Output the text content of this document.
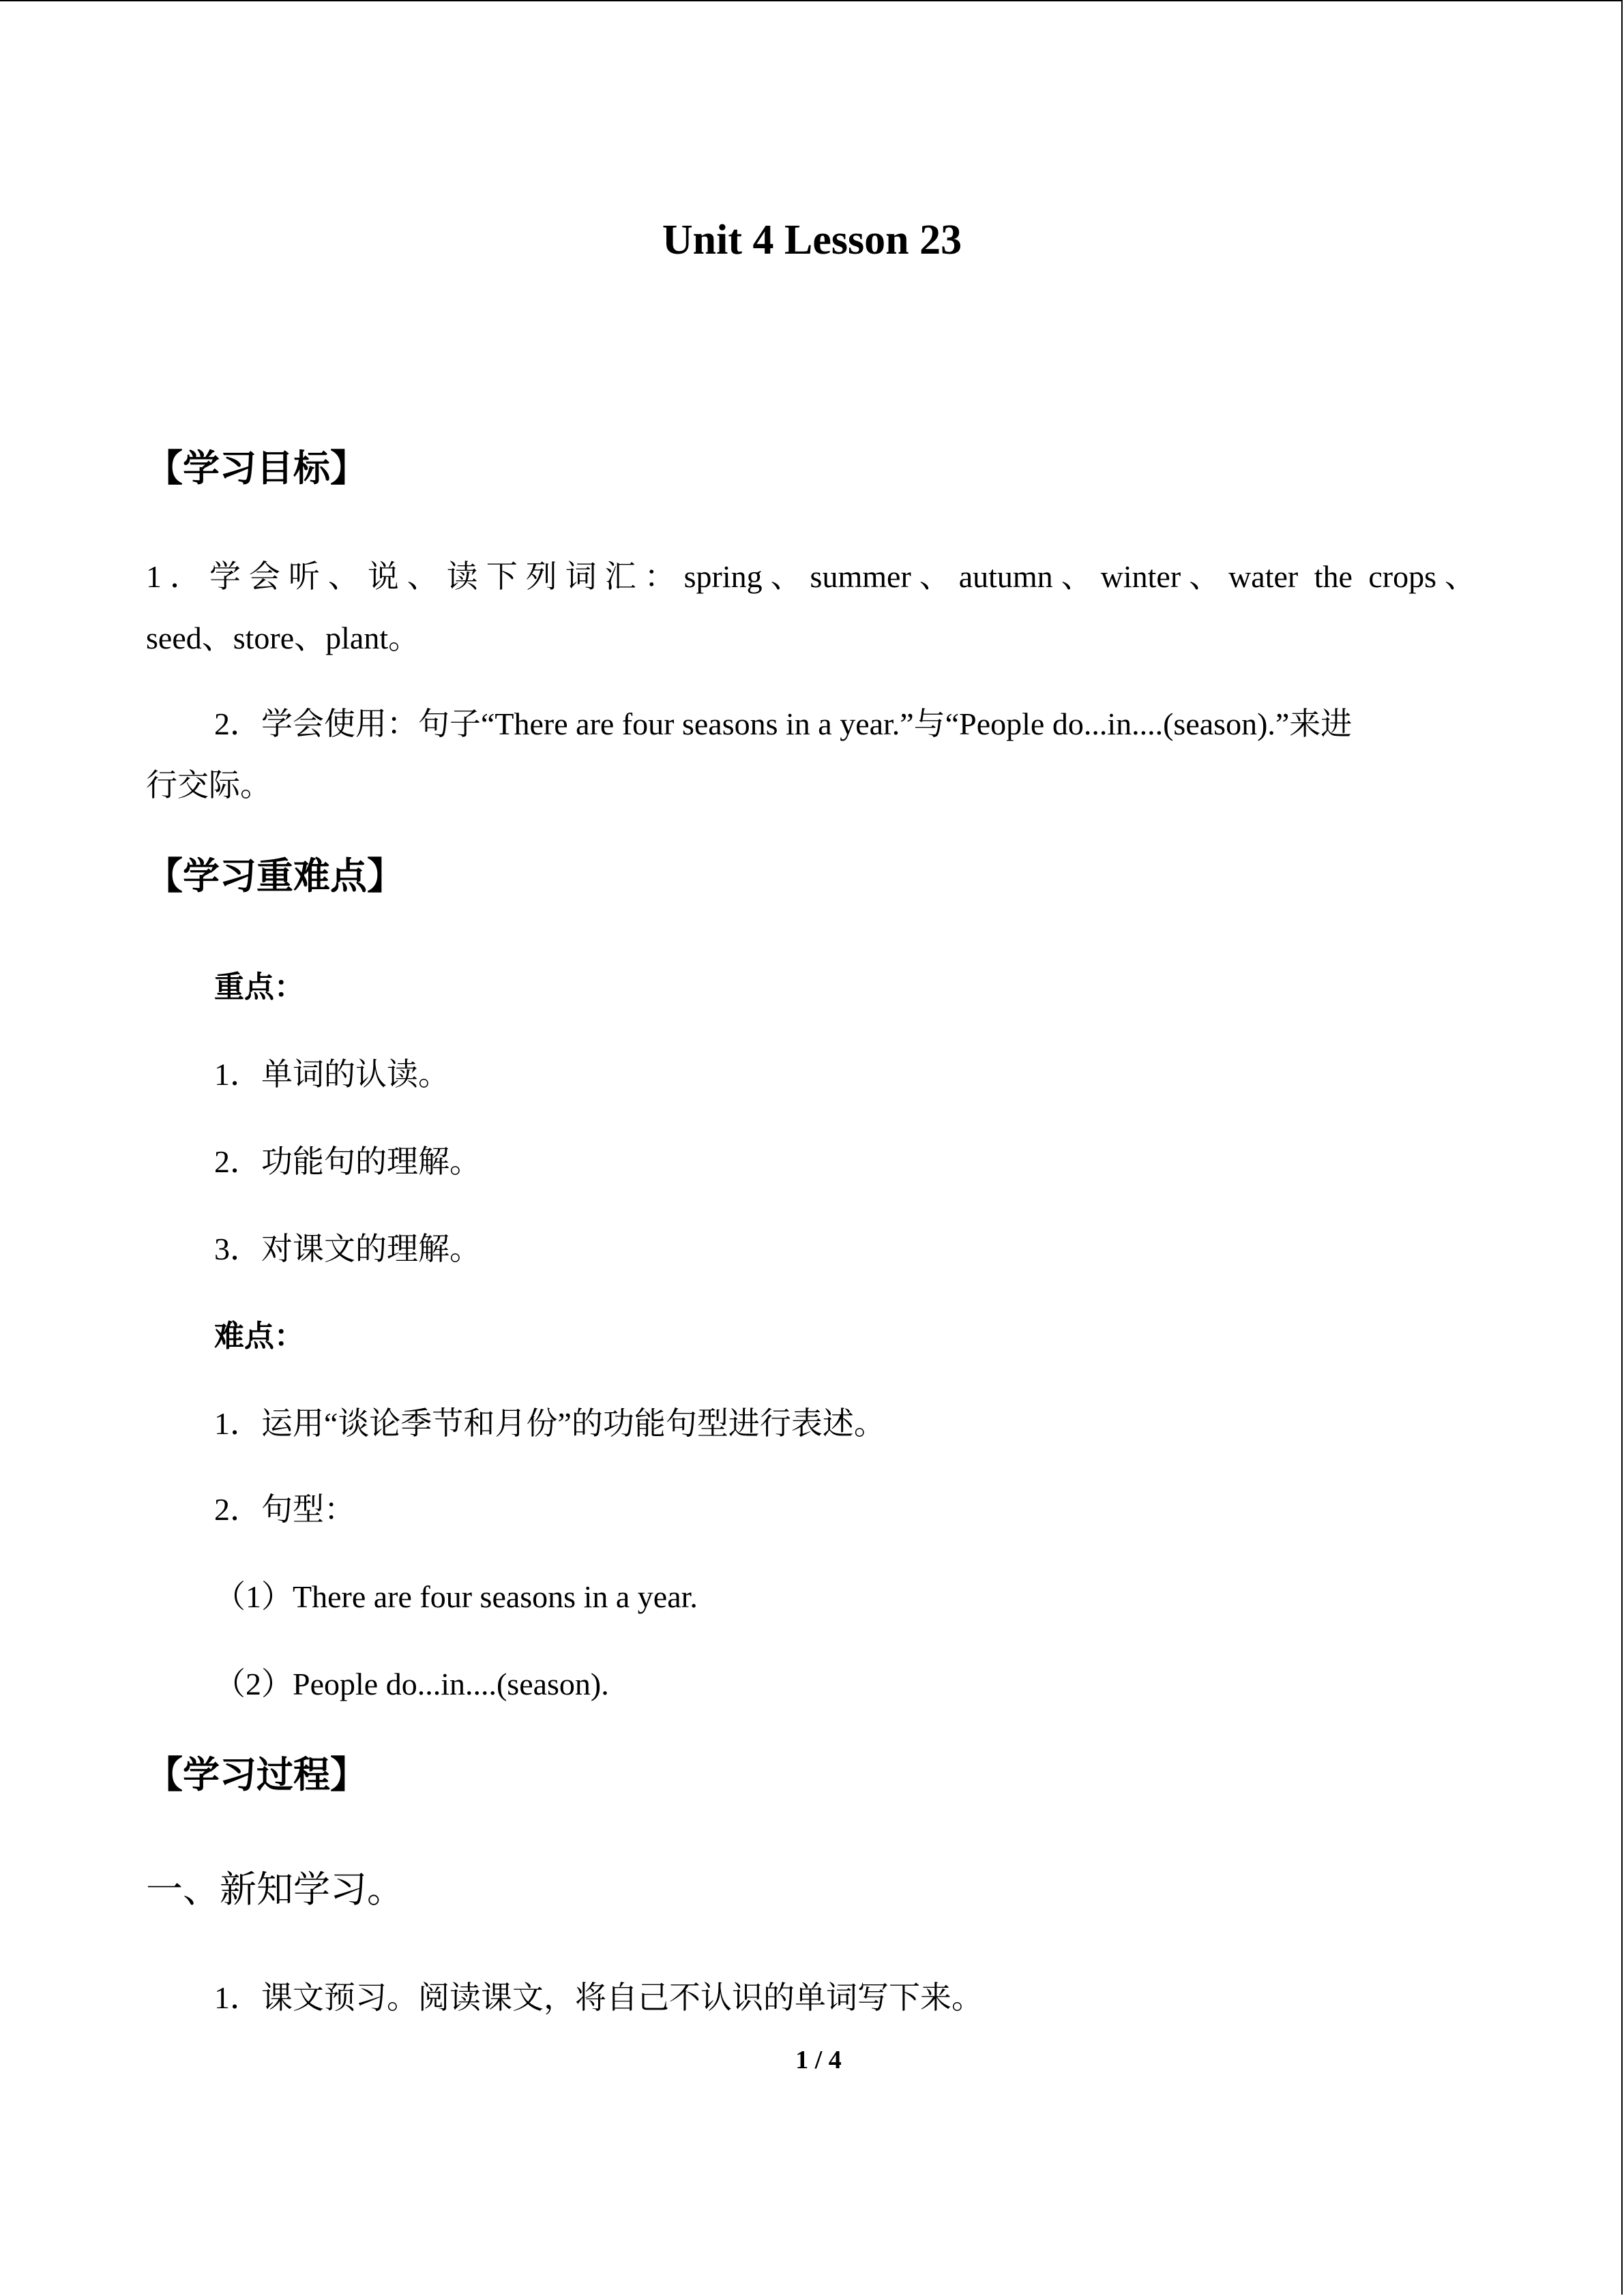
Unit 4 Lesson 23
【学习目标】
1．学会听、说、读下列词汇：spring、summer、autumn、winter、water the crops、
seed、store、plant。
2．学会使用：句子“There are four seasons in a year.”与“People do...in....(season).”来进
行交际。
【学习重难点】
重点：
1．单词的认读。
2．功能句的理解。
3．对课文的理解。
难点：
1．运用“谈论季节和月份”的功能句型进行表述。
2．句型：
（1）There are four seasons in a year.
（2）People do...in....(season).
【学习过程】
一、新知学习。
1．课文预习。阅读课文，将自己不认识的单词写下来。
1 / 4
